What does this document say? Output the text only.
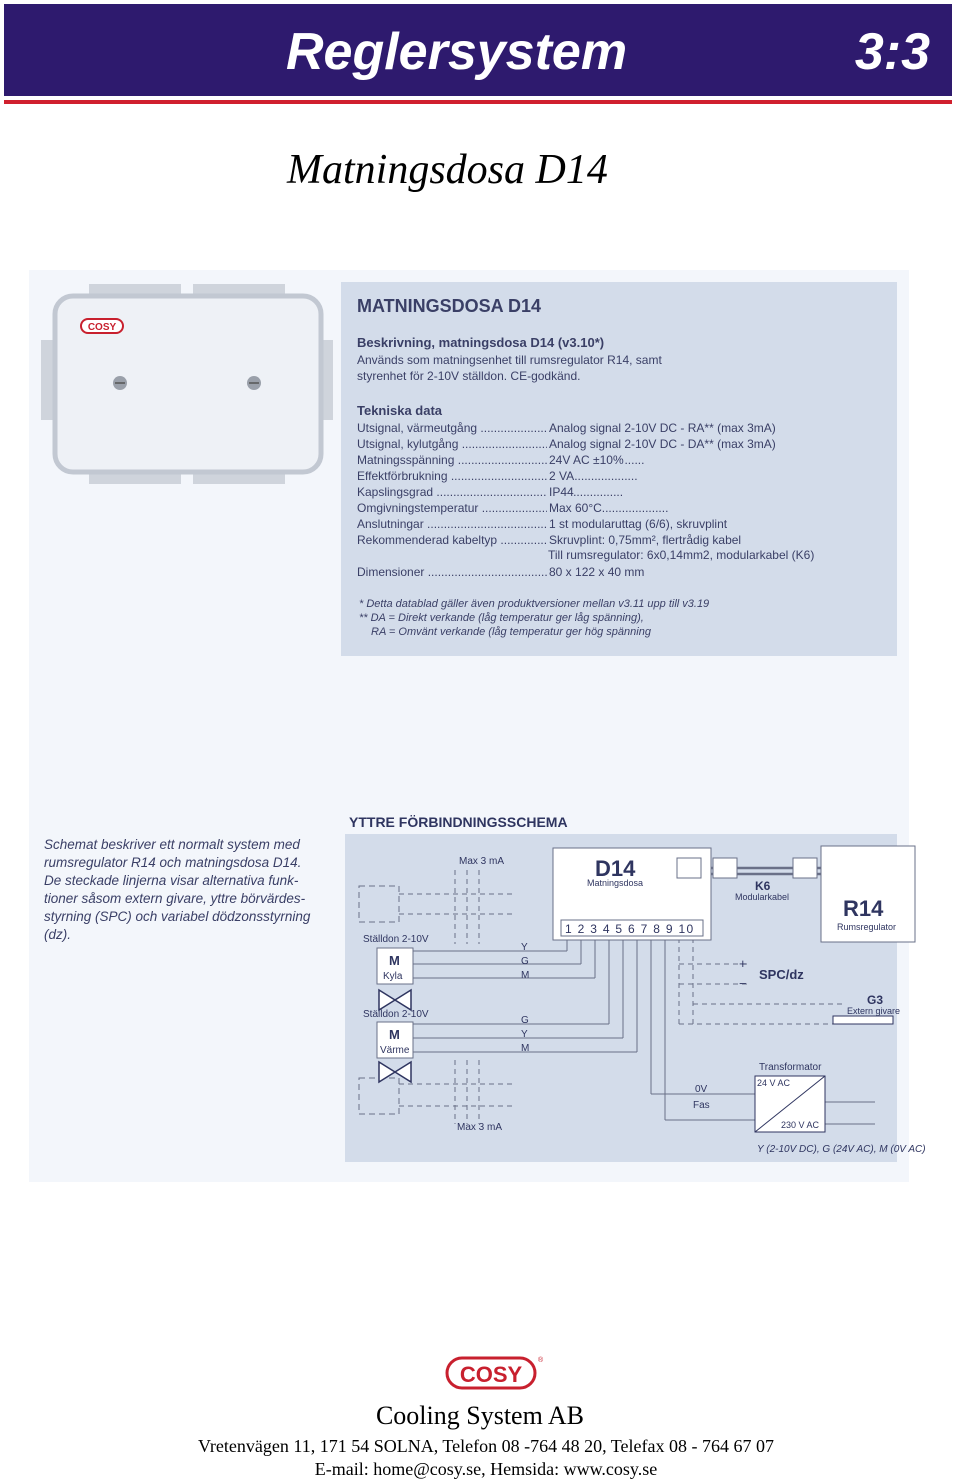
Reglersystem	3:3
Matningsdosa D14
COSY
MATNINGSDOSA D14
Beskrivning, matningsdosa D14 (v3.10*)
Används som matningsenhet till rumsregulator R14, samt
styrenhet för 2-10V ställdon. CE-godkänd.
Tekniska data
Utsignal, värmeutgång .....	Analog signal 2-10V DC - RA** (max 3mA)
Utsignal, kylutgång .....	Analog signal 2-10V DC - DA** (max 3mA)
Matningsspänning .....	24V AC ±10%
Effektförbrukning .....	2 VA
Kapslingsgrad .....	IP44
Omgivningstemperatur .....	Max 60°C
Anslutningar .....	1 st modularuttag (6/6), skruvplint
Rekommenderad kabeltyp .....	Skruvplint: 0,75mm², flertrådig kabel
Till rumsregulator: 6x0,14mm2, modularkabel (K6)
Dimensioner .....	80 x 122 x 40 mm
* Detta datablad gäller även produktversioner mellan v3.11 upp till v3.19
** DA = Direkt verkande (låg temperatur ger låg spänning),
RA = Omvänt verkande (låg temperatur ger hög spänning
YTTRE FÖRBINDNINGSSCHEMA
Schemat beskriver ett normalt system med
rumsregulator R14 och matningsdosa D14.
De steckade linjerna visar alternativa funk-
tioner såsom extern givare, yttre börvärdes-
styrning (SPC) och variabel dödzonsstyrning
(dz).
D14
Matningsdosa
1 2 3 4 5 6 7 8 9 10
K6
Modularkabel R14
Rumsregulator
Max 3 mA
Max 3 mA
Ställdon 2-10V
M
Kyla
Y
G
M
Ställdon 2-10V
M
Värme
G
Y
M
+
−
SPC/dz
G3
Extern givare
Transformator
24 V AC
230 V AC
0V
Fas
Y (2-10V DC), G (24V AC), M (0V AC)
COSY
®
Cooling System AB
Vretenvägen 11, 171 54 SOLNA, Telefon 08 -764 48 20, Telefax 08 - 764 67 07
E-mail: home@cosy.se, Hemsida: www.cosy.se
